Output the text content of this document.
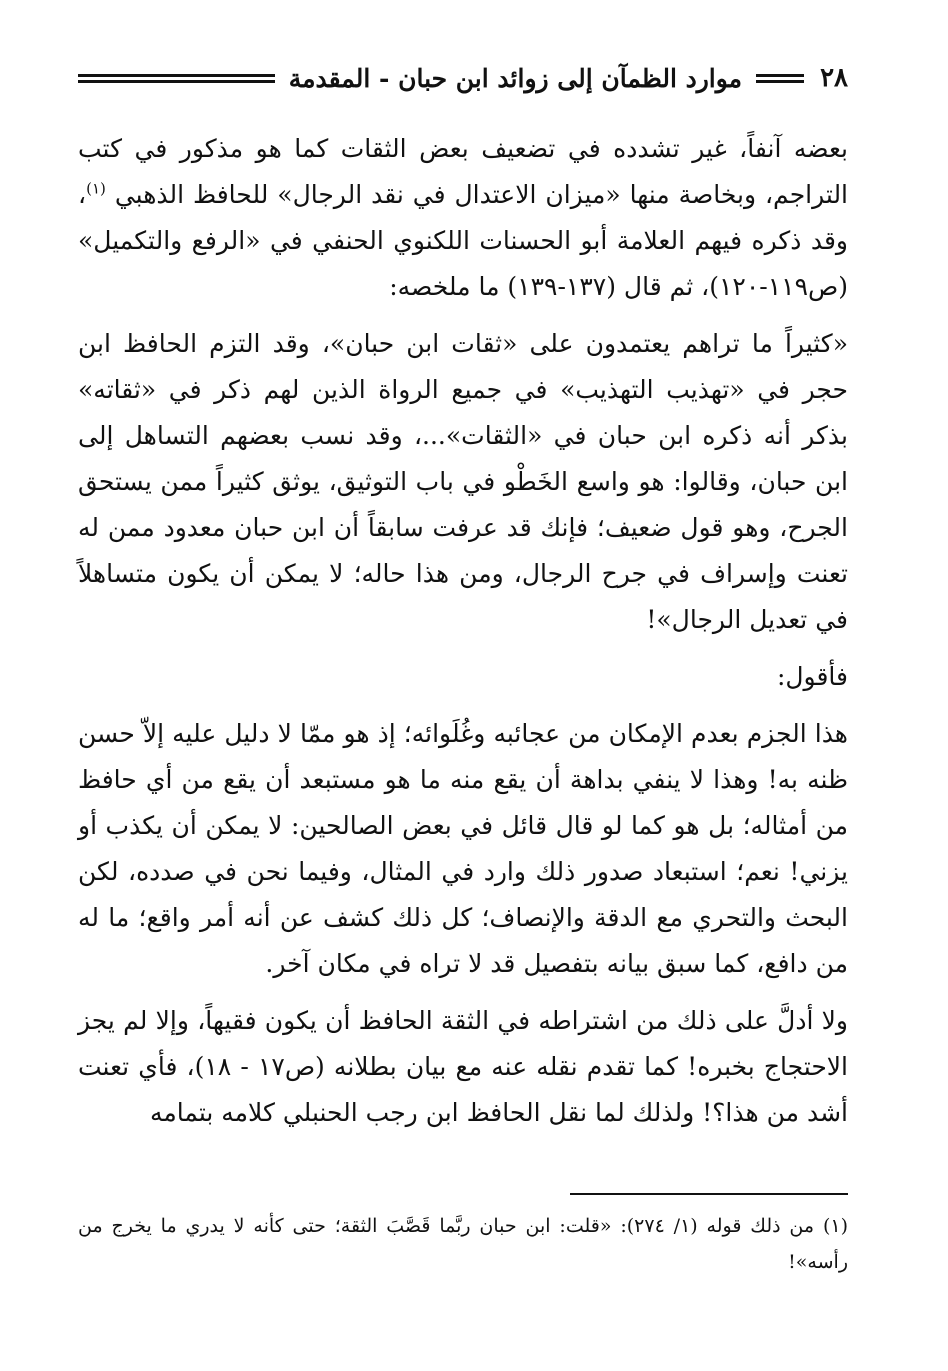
٢٨
موارد الظمآن إلى زوائد ابن حبان - المقدمة

بعضه آنفاً، غير تشدده في تضعيف بعض الثقات كما هو مذكور في كتب التراجم، وبخاصة منها «ميزان الاعتدال في نقد الرجال» للحافظ الذهبي $^{(١)}$، وقد ذكره فيهم العلامة أبو الحسنات اللكنوي الحنفي في «الرفع والتكميل» (ص١١٩-١٢٠)، ثم قال (١٣٧-١٣٩) ما ملخصه:

«كثيراً ما تراهم يعتمدون على «ثقات ابن حبان»، وقد التزم الحافظ ابن حجر في «تهذيب التهذيب» في جميع الرواة الذين لهم ذكر في «ثقاته» بذكر أنه ذكره ابن حبان في «الثقات»...، وقد نسب بعضهم التساهل إلى ابن حبان، وقالوا: هو واسع الخَطْو في باب التوثيق، يوثق كثيراً ممن يستحق الجرح، وهو قول ضعيف؛ فإنك قد عرفت سابقاً أن ابن حبان معدود ممن له تعنت وإسراف في جرح الرجال، ومن هذا حاله؛ لا يمكن أن يكون متساهلاً في تعديل الرجال»!

فأقول:

هذا الجزم بعدم الإمكان من عجائبه وغُلَوائه؛ إذ هو ممّا لا دليل عليه إلاّ حسن ظنه به! وهذا لا ينفي بداهة أن يقع منه ما هو مستبعد أن يقع من أي حافظ من أمثاله؛ بل هو كما لو قال قائل في بعض الصالحين: لا يمكن أن يكذب أو يزني! نعم؛ استبعاد صدور ذلك وارد في المثال، وفيما نحن في صدده، لكن البحث والتحري مع الدقة والإنصاف؛ كل ذلك كشف عن أنه أمر واقع؛ ما له من دافع، كما سبق بيانه بتفصيل قد لا تراه في مكان آخر.

ولا أدلَّ على ذلك من اشتراطه في الثقة الحافظ أن يكون فقيهاً، وإلا لم يجز الاحتجاج بخبره! كما تقدم نقله عنه مع بيان بطلانه (ص١٧ - ١٨)، فأي تعنت أشد من هذا؟! ولذلك لما نقل الحافظ ابن رجب الحنبلي كلامه بتمامه

(١) من ذلك قوله (١/ ٢٧٤): «قلت: ابن حبان ربَّما قَصَّبَ الثقة؛ حتى كأنه لا يدري ما يخرج من رأسه»!
